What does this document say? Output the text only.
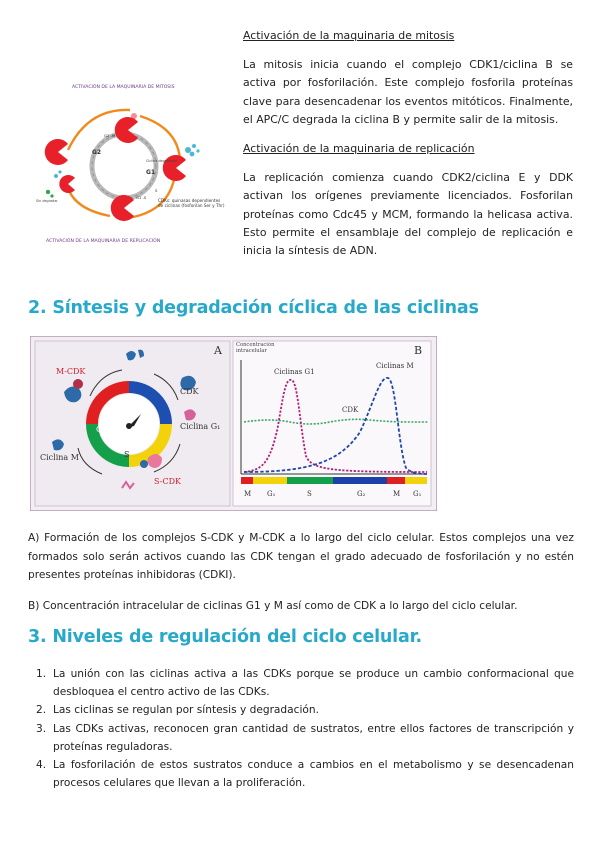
ACTIVACIÓN DE LA MAQUINARIA DE MITOSIS
G1
G2
N
G2 -M
S
G1 -S
N
Ciclina degradada
Sin degradar	CDKs: quinasas dependientes de ciclinas (fosforilan Ser y Thr)
ACTIVACIÓN DE LA MAQUINARIA DE REPLICACIÓN
Activación de la maquinaria de mitosis

La mitosis inicia cuando el complejo CDK1/ciclina B se activa por fosforilación. Este complejo fosforila proteínas clave para desencadenar los eventos mitóticos. Finalmente, el APC/C degrada la ciclina B y permite salir de la mitosis.

Activación de la maquinaria de replicación

La replicación comienza cuando CDK2/ciclina E y DDK activan los orígenes previamente licenciados. Fosforilan proteínas como Cdc45 y MCM, formando la helicasa activa. Esto permite el ensamblaje del complejo de replicación e inicia la síntesis de ADN.

2. Síntesis y degradación cíclica de las ciclinas
A
M G₁
S
G₂
M-CDK
CDK
Ciclina G₁
Ciclina M
S-CDK
B
Concentración intracelular
Ciclinas G1
Ciclinas M
CDK
M G₁	S	G₂	M G₁

A) Formación de los complejos S-CDK y M-CDK a lo largo del ciclo celular. Estos complejos una vez formados solo serán activos cuando las CDK tengan el grado adecuado de fosforilación y no estén presentes proteínas inhibidoras (CDKI).

B) Concentración intracelular de ciclinas G1 y M así como de CDK a lo largo del ciclo celular.

3. Niveles de regulación del ciclo celular.
1. La unión con las ciclinas activa a las CDKs porque se produce un cambio conformacional que desbloquea el centro activo de las CDKs.
2. Las ciclinas se regulan por síntesis y degradación.
3. Las CDKs activas, reconocen gran cantidad de sustratos, entre ellos factores de transcripción y proteínas reguladoras.
4. La fosforilación de estos sustratos conduce a cambios en el metabolismo y se desencadenan procesos celulares que llevan a la proliferación.
